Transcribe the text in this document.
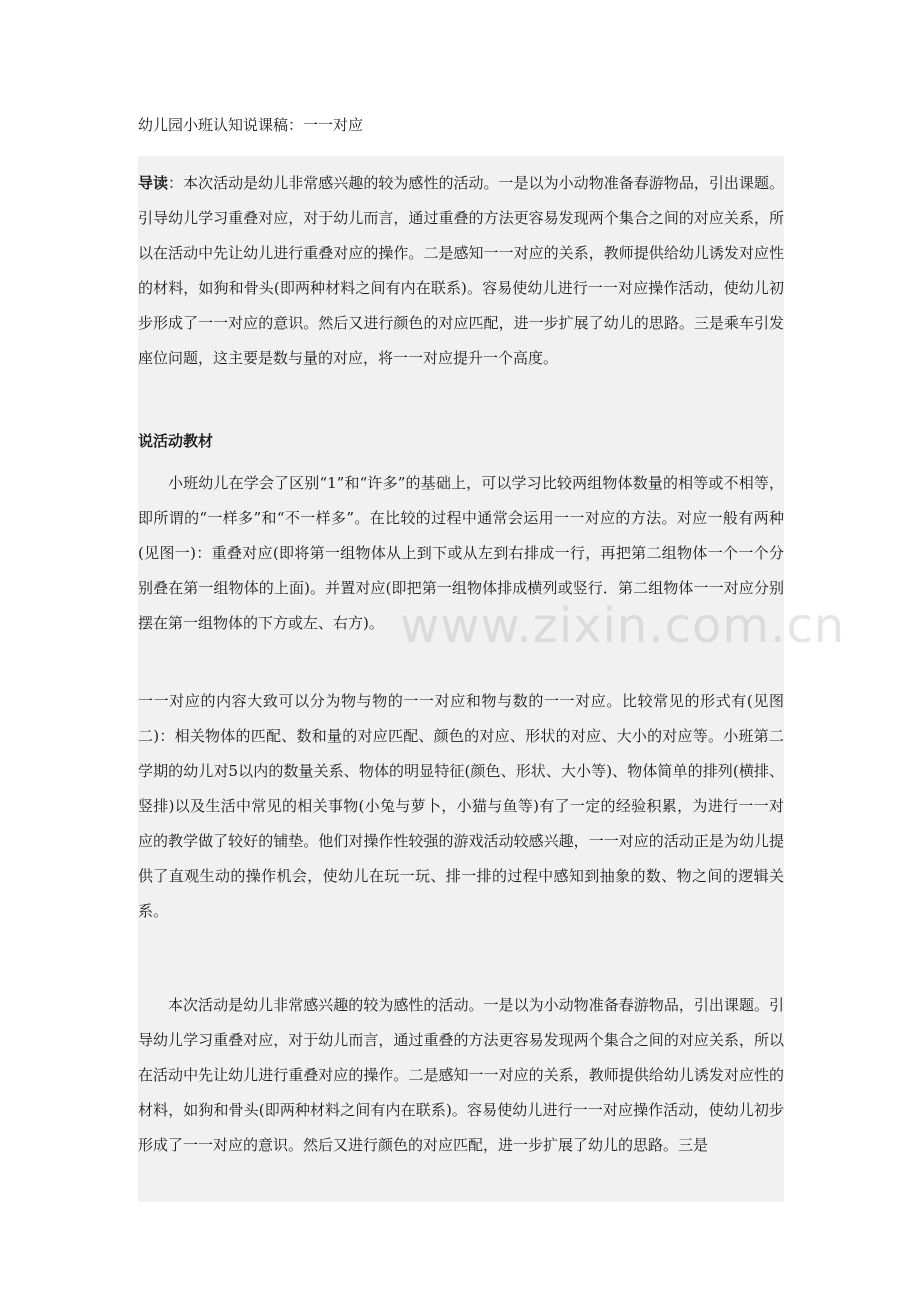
幼儿园小班认知说课稿：一一对应

导读：本次活动是幼儿非常感兴趣的较为感性的活动。一是以为小动物准备春游物品，引出课题。引导幼儿学习重叠对应，对于幼儿而言，通过重叠的方法更容易发现两个集合之间的对应关系，所以在活动中先让幼儿进行重叠对应的操作。二是感知一一对应的关系，教师提供给幼儿诱发对应性的材料，如狗和骨头(即两种材料之间有内在联系)。容易使幼儿进行一一对应操作活动，使幼儿初步形成了一一对应的意识。然后又进行颜色的对应匹配，进一步扩展了幼儿的思路。三是乘车引发座位问题，这主要是数与量的对应，将一一对应提升一个高度。

说活动教材

小班幼儿在学会了区别“1”和“许多”的基础上，可以学习比较两组物体数量的相等或不相等，即所谓的“一样多”和“不一样多”。在比较的过程中通常会运用一一对应的方法。对应一般有两种(见图一)：重叠对应(即将第一组物体从上到下或从左到右排成一行，再把第二组物体一个一个分别叠在第一组物体的上面)。并置对应(即把第一组物体排成横列或竖行．第二组物体一一对应分别摆在第一组物体的下方或左、右方)。

一一对应的内容大致可以分为物与物的一一对应和物与数的一一对应。比较常见的形式有(见图二)：相关物体的匹配、数和量的对应匹配、颜色的对应、形状的对应、大小的对应等。小班第二学期的幼儿对5以内的数量关系、物体的明显特征(颜色、形状、大小等)、物体简单的排列(横排、竖排)以及生活中常见的相关事物(小兔与萝卜，小猫与鱼等)有了一定的经验积累，为进行一一对应的教学做了较好的铺垫。他们对操作性较强的游戏活动较感兴趣，一一对应的活动正是为幼儿提供了直观生动的操作机会，使幼儿在玩一玩、排一排的过程中感知到抽象的数、物之间的逻辑关系。

本次活动是幼儿非常感兴趣的较为感性的活动。一是以为小动物准备春游物品，引出课题。引导幼儿学习重叠对应，对于幼儿而言，通过重叠的方法更容易发现两个集合之间的对应关系，所以在活动中先让幼儿进行重叠对应的操作。二是感知一一对应的关系，教师提供给幼儿诱发对应性的材料，如狗和骨头(即两种材料之间有内在联系)。容易使幼儿进行一一对应操作活动，使幼儿初步形成了一一对应的意识。然后又进行颜色的对应匹配，进一步扩展了幼儿的思路。三是

www.zixin.com.cn
